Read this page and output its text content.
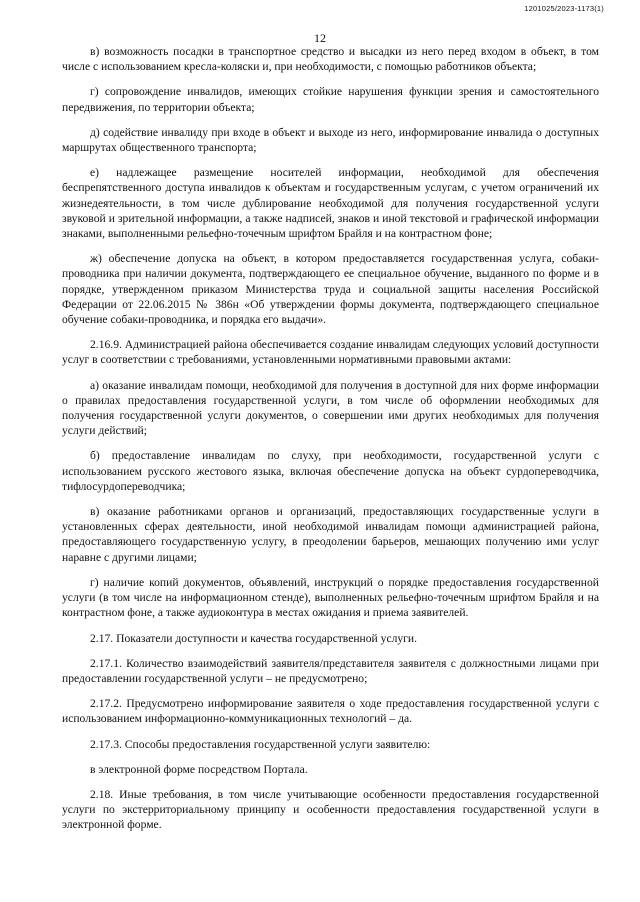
1201025/2023-1173(1)
12

в) возможность посадки в транспортное средство и высадки из него перед входом в объект, в том числе с использованием кресла-коляски и, при необходимости, с помощью работников объекта;

г) сопровождение инвалидов, имеющих стойкие нарушения функции зрения и самостоятельного передвижения, по территории объекта;

д) содействие инвалиду при входе в объект и выходе из него, информирование инвалида о доступных маршрутах общественного транспорта;

е) надлежащее размещение носителей информации, необходимой для обеспечения беспрепятственного доступа инвалидов к объектам и государственным услугам, с учетом ограничений их жизнедеятельности, в том числе дублирование необходимой для получения государственной услуги звуковой и зрительной информации, а также надписей, знаков и иной текстовой и графической информации знаками, выполненными рельефно-точечным шрифтом Брайля и на контрастном фоне;

ж) обеспечение допуска на объект, в котором предоставляется государственная услуга, собаки-проводника при наличии документа, подтверждающего ее специальное обучение, выданного по форме и в порядке, утвержденном приказом Министерства труда и социальной защиты населения Российской Федерации от 22.06.2015 № 386н «Об утверждении формы документа, подтверждающего специальное обучение собаки-проводника, и порядка его выдачи».

2.16.9. Администрацией района обеспечивается создание инвалидам следующих условий доступности услуг в соответствии с требованиями, установленными нормативными правовыми актами:

а) оказание инвалидам помощи, необходимой для получения в доступной для них форме информации о правилах предоставления государственной услуги, в том числе об оформлении необходимых для получения государственной услуги документов, о совершении ими других необходимых для получения услуги действий;

б) предоставление инвалидам по слуху, при необходимости, государственной услуги с использованием русского жестового языка, включая обеспечение допуска на объект сурдопереводчика, тифлосурдопереводчика;

в) оказание работниками органов и организаций, предоставляющих государственные услуги в установленных сферах деятельности, иной необходимой инвалидам помощи администрацией района, предоставляющего государственную услугу, в преодолении барьеров, мешающих получению ими услуг наравне с другими лицами;

г) наличие копий документов, объявлений, инструкций о порядке предоставления государственной услуги (в том числе на информационном стенде), выполненных рельефно-точечным шрифтом Брайля и на контрастном фоне, а также аудиоконтура в местах ожидания и приема заявителей.

2.17. Показатели доступности и качества государственной услуги.

2.17.1. Количество взаимодействий заявителя/представителя заявителя с должностными лицами при предоставлении государственной услуги – не предусмотрено;

2.17.2. Предусмотрено информирование заявителя о ходе предоставления государственной услуги с использованием информационно-коммуникационных технологий – да.

2.17.3. Способы предоставления государственной услуги заявителю:

в электронной форме посредством Портала.

2.18. Иные требования, в том числе учитывающие особенности предоставления государственной услуги по экстерриториальному принципу и особенности предоставления государственной услуги в электронной форме.
